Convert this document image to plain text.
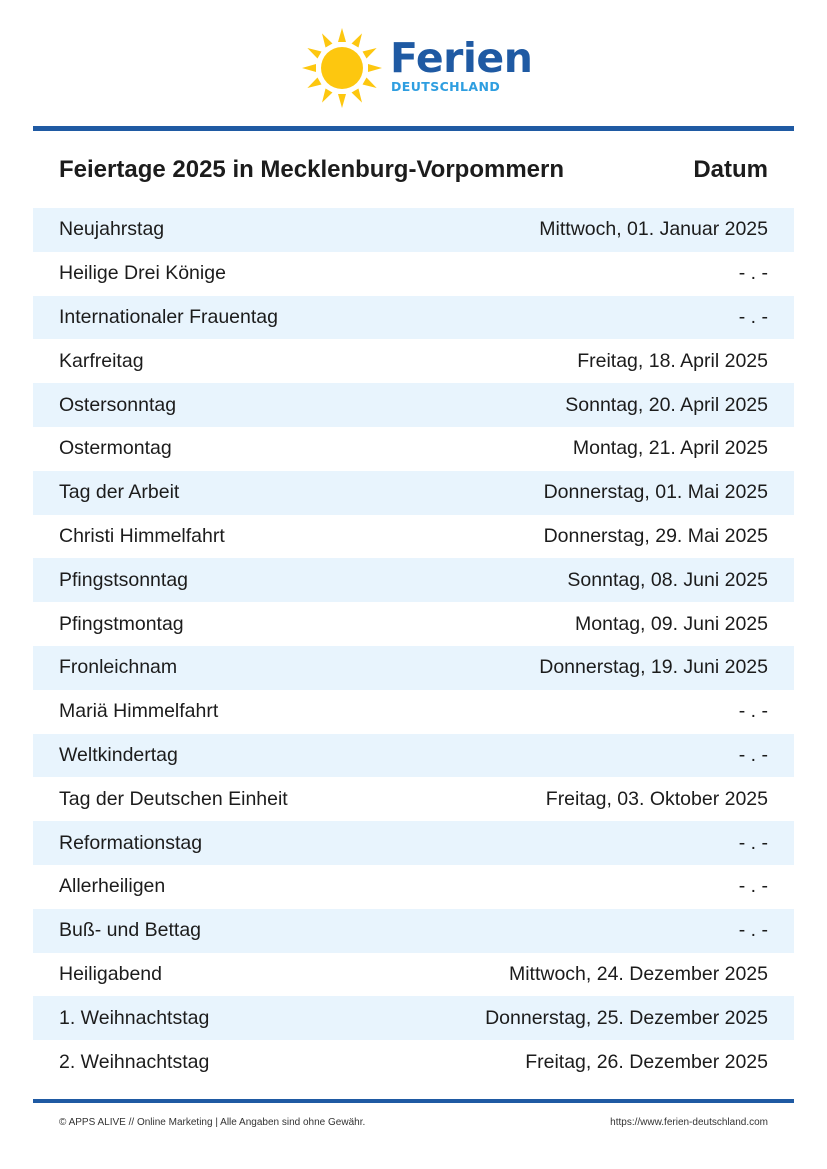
Ferien
DEUTSCHLAND
Feiertage 2025 in Mecklenburg-Vorpommern	Datum
Neujahrstag	Mittwoch, 01. Januar 2025
Heilige Drei Könige	- . -
Internationaler Frauentag	- . -
Karfreitag	Freitag, 18. April 2025
Ostersonntag	Sonntag, 20. April 2025
Ostermontag	Montag, 21. April 2025
Tag der Arbeit	Donnerstag, 01. Mai 2025
Christi Himmelfahrt	Donnerstag, 29. Mai 2025
Pfingstsonntag	Sonntag, 08. Juni 2025
Pfingstmontag	Montag, 09. Juni 2025
Fronleichnam	Donnerstag, 19. Juni 2025
Mariä Himmelfahrt	- . -
Weltkindertag	- . -
Tag der Deutschen Einheit	Freitag, 03. Oktober 2025
Reformationstag	- . -
Allerheiligen	- . -
Buß- und Bettag	- . -
Heiligabend	Mittwoch, 24. Dezember 2025
1. Weihnachtstag	Donnerstag, 25. Dezember 2025
2. Weihnachtstag	Freitag, 26. Dezember 2025
© APPS ALIVE // Online Marketing | Alle Angaben sind ohne Gewähr.	https://www.ferien-deutschland.com
